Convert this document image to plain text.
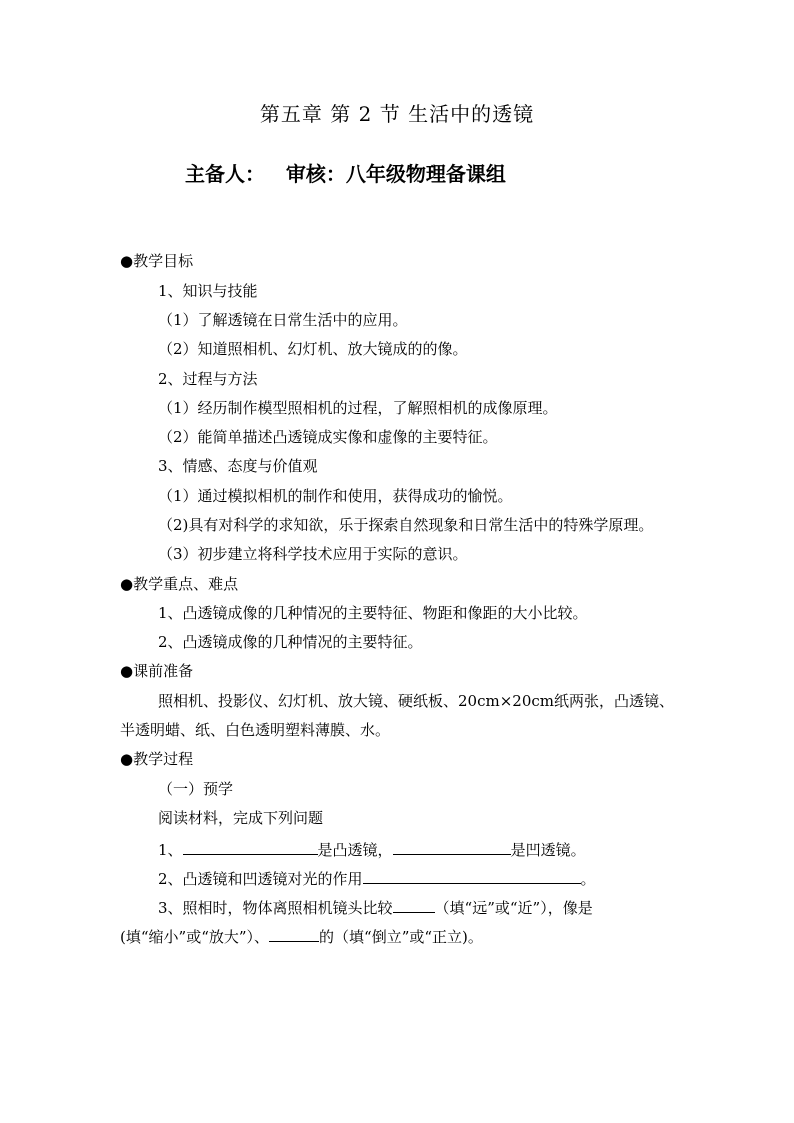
第五章 第 2 节 生活中的透镜
主备人：   审核：八年级物理备课组
●教学目标
1、知识与技能
（1）了解透镜在日常生活中的应用。
（2）知道照相机、幻灯机、放大镜成的的像。
2、过程与方法
（1）经历制作模型照相机的过程，了解照相机的成像原理。
（2）能简单描述凸透镜成实像和虚像的主要特征。
3、情感、态度与价值观
（1）通过模拟相机的制作和使用，获得成功的愉悦。
（2)具有对科学的求知欲，乐于探索自然现象和日常生活中的特殊学原理。
（3）初步建立将科学技术应用于实际的意识。
●教学重点、难点
1、凸透镜成像的几种情况的主要特征、物距和像距的大小比较。
2、凸透镜成像的几种情况的主要特征。
●课前准备
照相机、投影仪、幻灯机、放大镜、硬纸板、20cm×20cm纸两张，凸透镜、
半透明蜡、纸、白色透明塑料薄膜、水。
●教学过程
（一）预学
阅读材料，完成下列问题
1、	是凸透镜，	是凹透镜。
2、凸透镜和凹透镜对光的作用	。
3、照相时，物体离照相机镜头比较	（填“远”或“近”），像是
(填“缩小”或“放大”）、	的（填“倒立”或“正立)。
